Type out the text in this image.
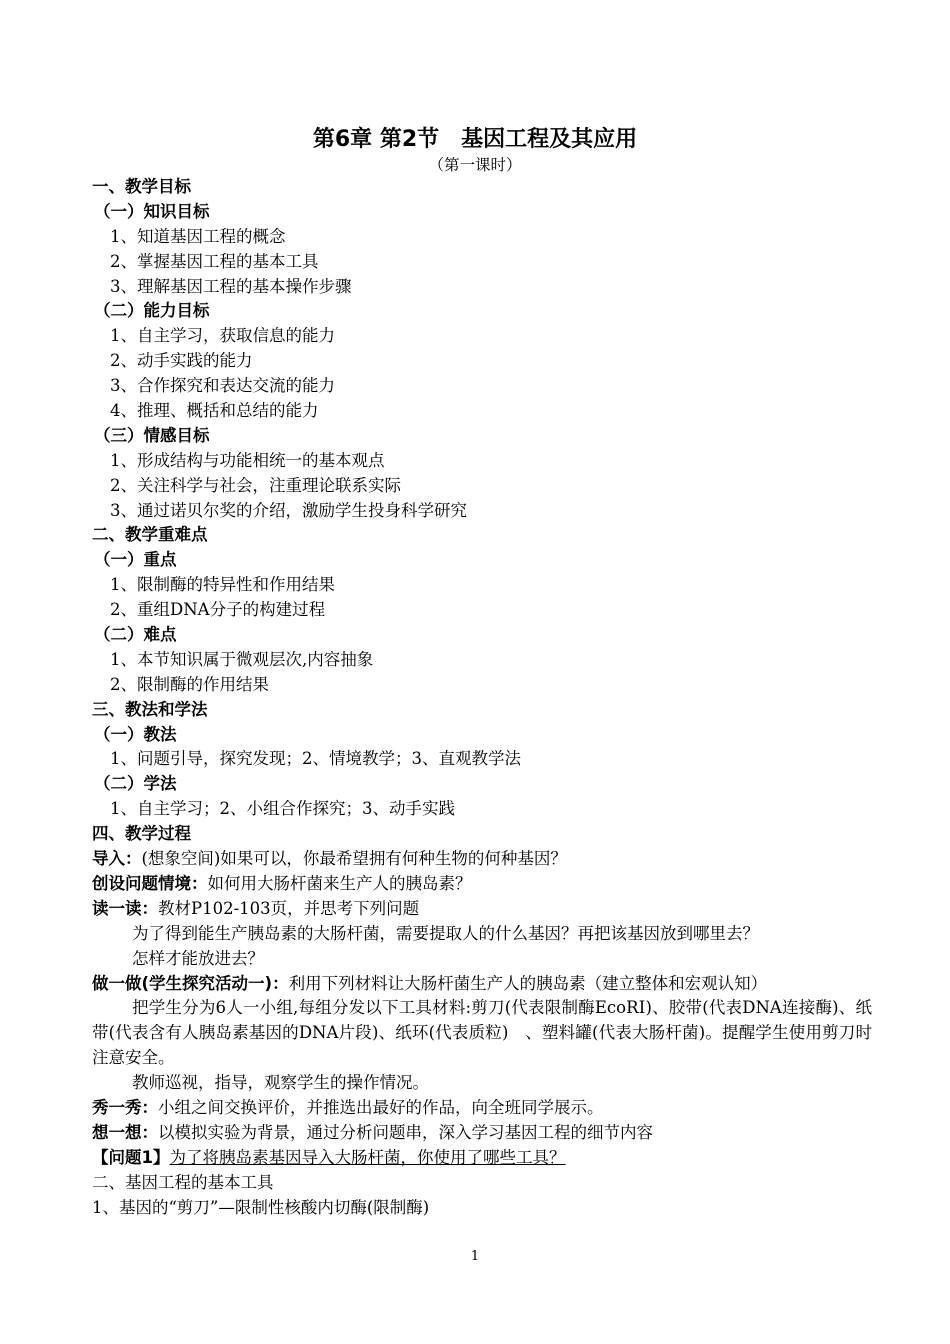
第6章 第2节　基因工程及其应用
（第一课时）
一、教学目标
（一）知识目标
1、知道基因工程的概念
2、掌握基因工程的基本工具
3、理解基因工程的基本操作步骤
（二）能力目标
1、自主学习，获取信息的能力
2、动手实践的能力
3、合作探究和表达交流的能力
4、推理、概括和总结的能力
（三）情感目标
1、形成结构与功能相统一的基本观点
2、关注科学与社会，注重理论联系实际
3、通过诺贝尔奖的介绍，激励学生投身科学研究
二、教学重难点
（一）重点
1、限制酶的特异性和作用结果
2、重组DNA分子的构建过程
（二）难点
1、本节知识属于微观层次,内容抽象
2、限制酶的作用结果
三、教法和学法
（一）教法
1、问题引导，探究发现；2、情境教学；3、直观教学法
（二）学法
1、自主学习；2、小组合作探究；3、动手实践
四、教学过程
导入：(想象空间)如果可以，你最希望拥有何种生物的何种基因？
创设问题情境：如何用大肠杆菌来生产人的胰岛素？
读一读：教材P102-103页，并思考下列问题
为了得到能生产胰岛素的大肠杆菌，需要提取人的什么基因？再把该基因放到哪里去？
怎样才能放进去？
做一做(学生探究活动一)：利用下列材料让大肠杆菌生产人的胰岛素（建立整体和宏观认知）
把学生分为6人一小组,每组分发以下工具材料:剪刀(代表限制酶EcoRⅠ)、胶带(代表DNA连接酶)、纸带(代表含有人胰岛素基因的DNA片段)、纸环(代表质粒)　、塑料罐(代表大肠杆菌)。提醒学生使用剪刀时注意安全。
教师巡视，指导，观察学生的操作情况。
秀一秀：小组之间交换评价，并推选出最好的作品，向全班同学展示。
想一想：以模拟实验为背景，通过分析问题串，深入学习基因工程的细节内容
【问题1】为了将胰岛素基因导入大肠杆菌，你使用了哪些工具？
二、基因工程的基本工具
1、基因的“剪刀”—限制性核酸内切酶(限制酶)
1
